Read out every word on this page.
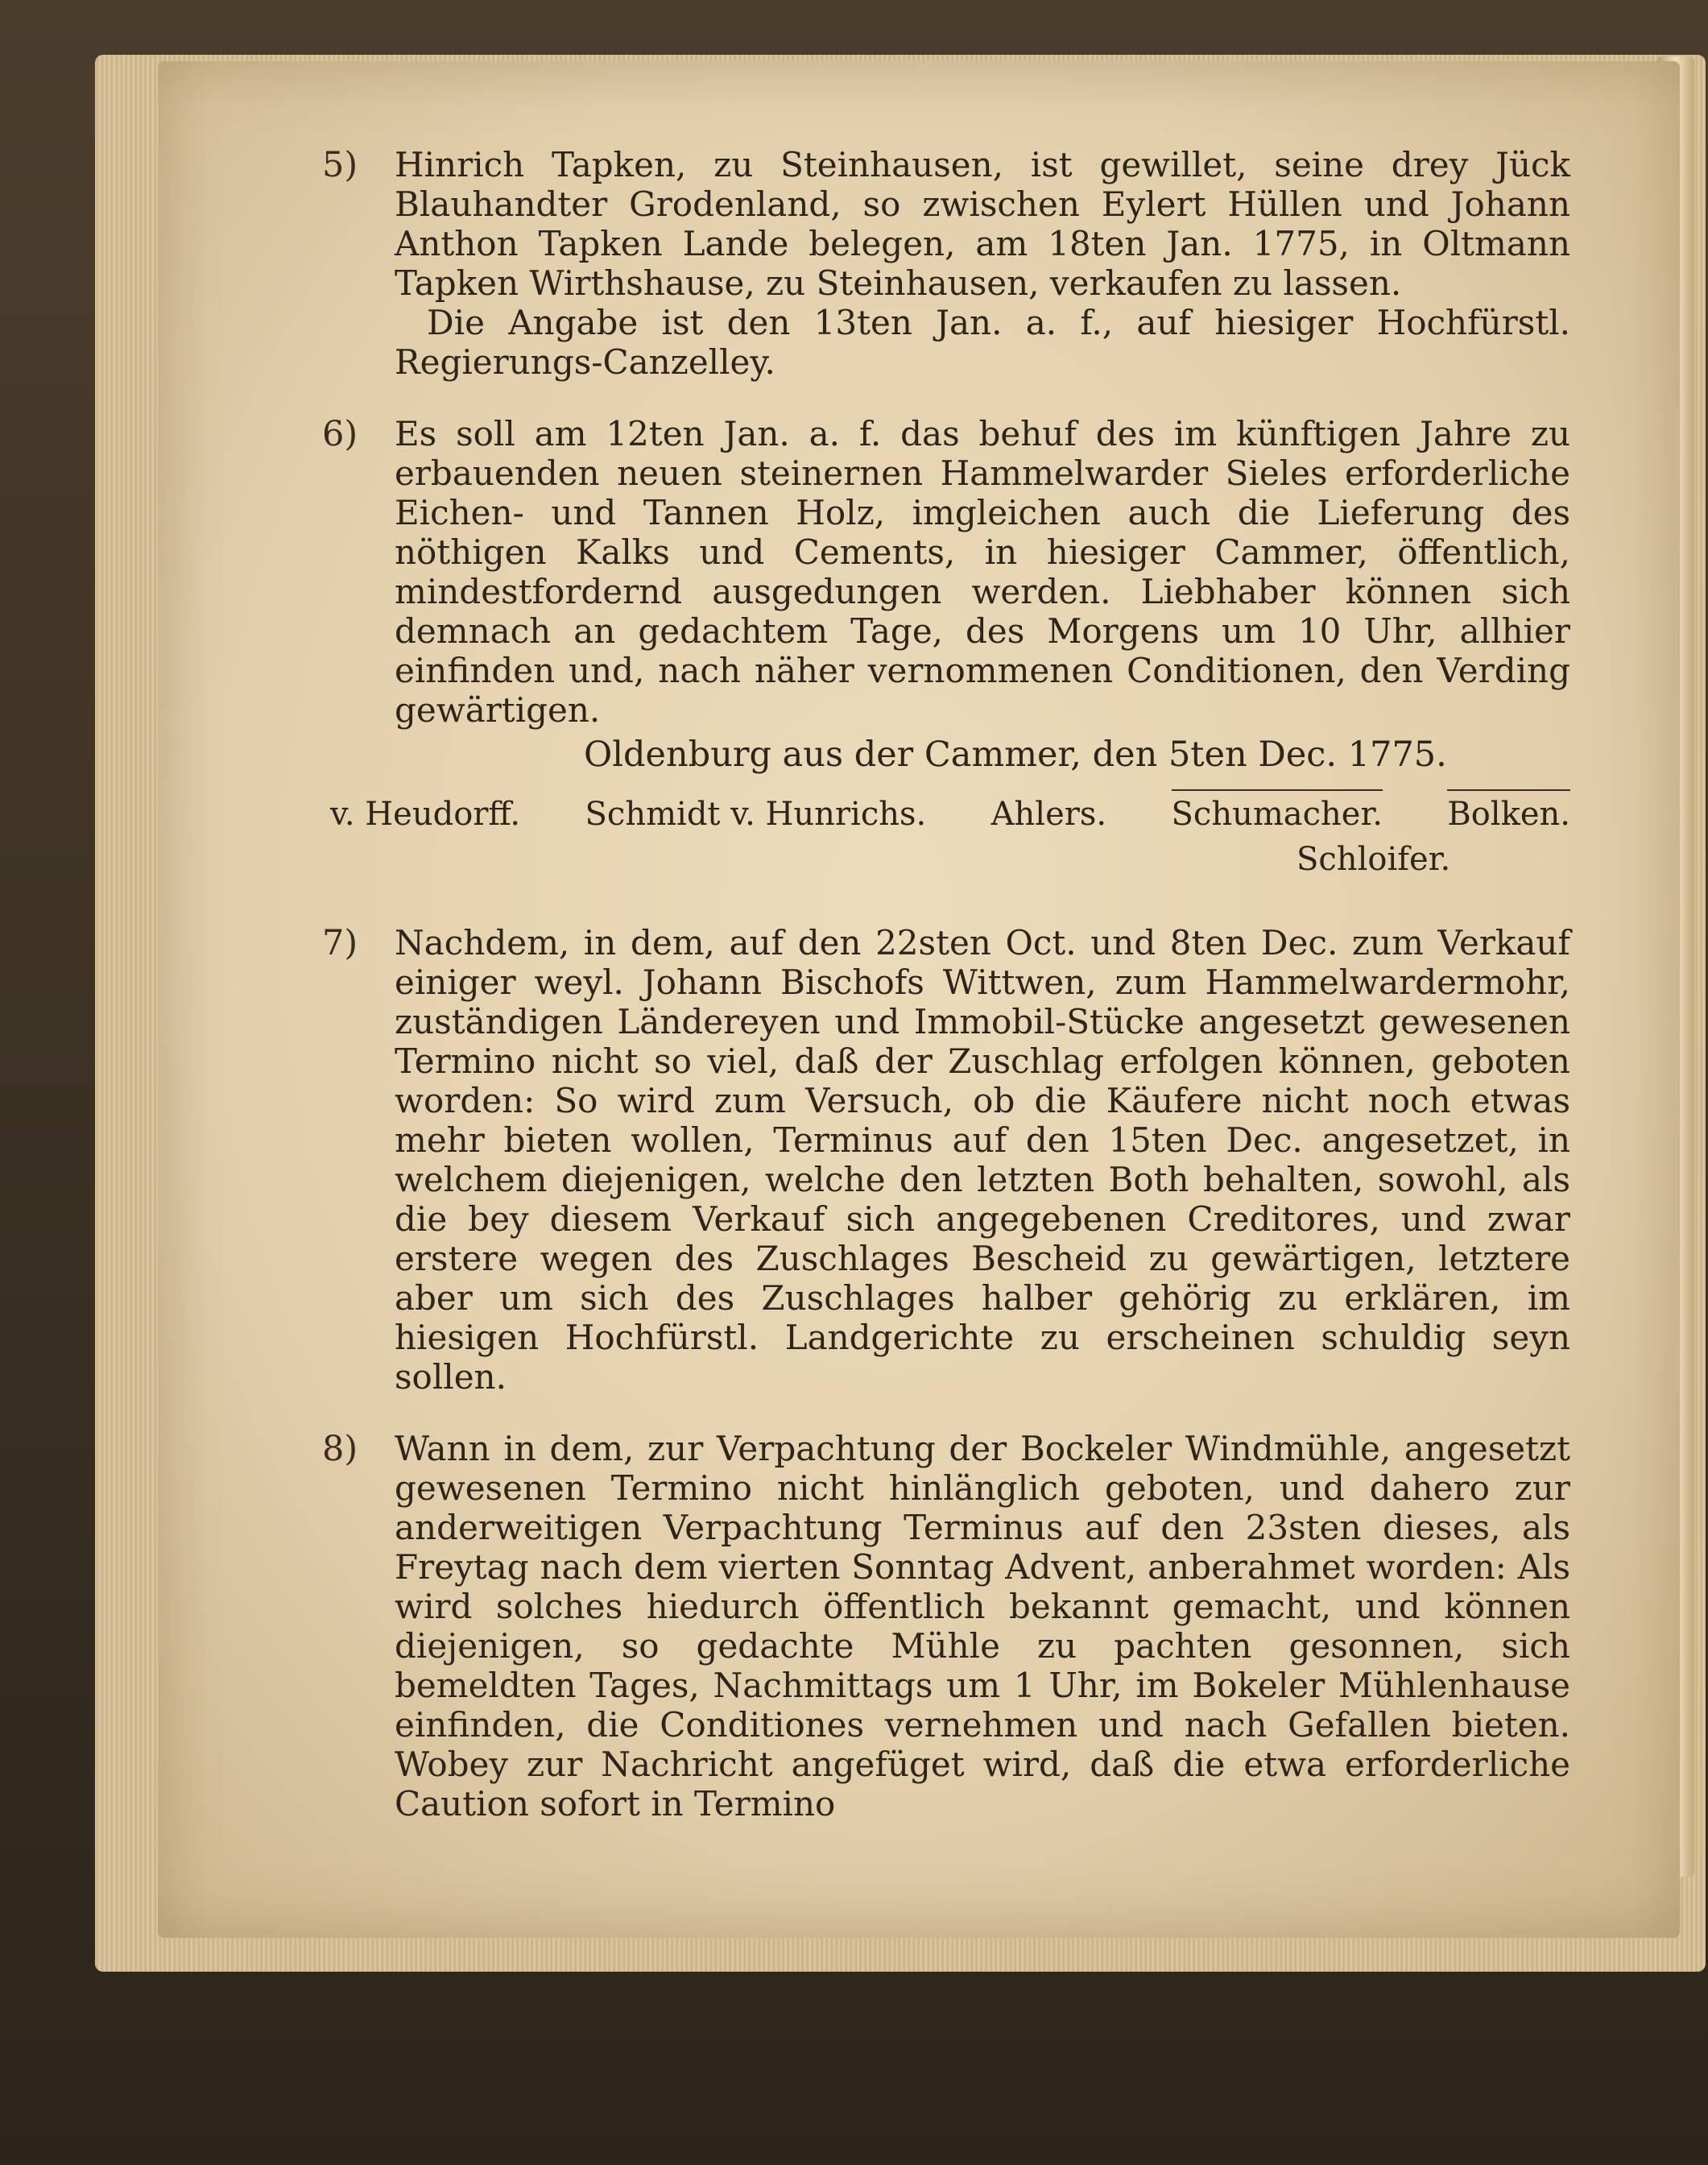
5)	Hinrich Tapken, zu Steinhausen, ist gewillet, seine drey Jück Blauhandter Grodenland, so zwischen Eylert Hüllen und Johann Anthon Tapken Lande belegen, am 18ten Jan. 1775, in Oltmann Tapken Wirthshause, zu Steinhausen, verkaufen zu lassen.

Die Angabe ist den 13ten Jan. a. f., auf hiesiger Hochfürstl. Regierungs-Canzelley.

6)	Es soll am 12ten Jan. a. f. das behuf des im künftigen Jahre zu erbauenden neuen steinernen Hammelwarder Sieles erforderliche Eichen- und Tannen Holz, imgleichen auch die Lieferung des nöthigen Kalks und Cements, in hiesiger Cammer, öffentlich, mindestfordernd ausgedungen werden. Liebhaber können sich demnach an gedachtem Tage, des Morgens um 10 Uhr, allhier einfinden und, nach näher vernommenen Conditionen, den Verding gewärtigen.

Oldenburg aus der Cammer, den 5ten Dec. 1775.
v. Heudorff. Schmidt v. Hunrichs. Ahlers. Schumacher. Bolken.
Schloifer.
7)	Nachdem, in dem, auf den 22sten Oct. und 8ten Dec. zum Verkauf einiger weyl. Johann Bischofs Wittwen, zum Hammelwardermohr, zuständigen Ländereyen und Immobil-Stücke angesetzt gewesenen Termino nicht so viel, daß der Zuschlag erfolgen können, geboten worden: So wird zum Versuch, ob die Käufere nicht noch etwas mehr bieten wollen, Terminus auf den 15ten Dec. angesetzet, in welchem diejenigen, welche den letzten Both behalten, sowohl, als die bey diesem Verkauf sich angegebenen Creditores, und zwar erstere wegen des Zuschlages Bescheid zu gewärtigen, letztere aber um sich des Zuschlages halber gehörig zu erklären, im hiesigen Hochfürstl. Landgerichte zu erscheinen schuldig seyn sollen.

8)	Wann in dem, zur Verpachtung der Bockeler Windmühle, angesetzt gewesenen Termino nicht hinlänglich geboten, und dahero zur anderweitigen Verpachtung Terminus auf den 23sten dieses, als Freytag nach dem vierten Sonntag Advent, anberahmet worden: Als wird solches hiedurch öffentlich bekannt gemacht, und können diejenigen, so gedachte Mühle zu pachten gesonnen, sich bemeldten Tages, Nachmittags um 1 Uhr, im Bokeler Mühlenhause einfinden, die Conditiones vernehmen und nach Gefallen bieten. Wobey zur Nachricht angefüget wird, daß die etwa erforderliche Caution sofort in Termino
